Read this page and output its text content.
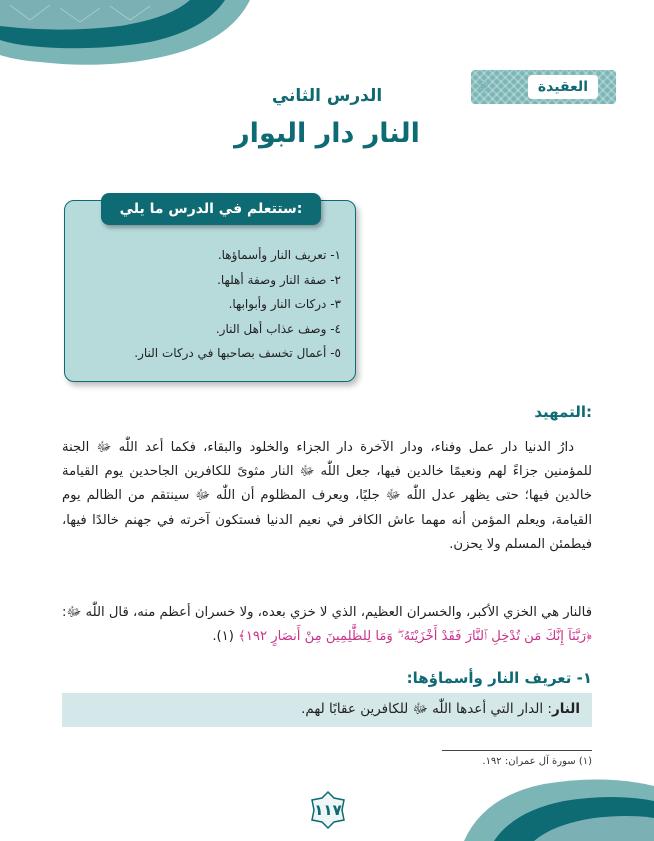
العقيدة
❀
الدرس الثاني
النار دار البوار
ستتعلم في الدرس ما يلي:
١- تعريف النار وأسماؤها.
٢- صفة النار وصفة أهلها.
٣- دركات النار وأبوابها.
٤- وصف عذاب أهل النار.
٥- أعمال تخسف بصاحبها في دركات النار.
التمهيد:
دارُ الدنيا دار عمل وفناء، ودار الآخرة دار الجزاء والخلود والبقاء، فكما أعد اللّٰه ﷻ الجنة للمؤمنين جزاءً لهم ونعيمًا خالدين فيها، جعل اللّٰه ﷻ النار مثوىً للكافرين الجاحدين يوم القيامة خالدين فيها؛ حتى يظهر عدل اللّٰه ﷻ جليًا، ويعرف المظلوم أن اللّٰه ﷻ سينتقم من الظالم يوم القيامة، ويعلم المؤمن أنه مهما عاش الكافر في نعيم الدنيا فستكون آخرته في جهنم خالدًا فيها، فيطمئن المسلم ولا يحزن.
فالنار هي الخزي الأكبر، والخسران العظيم، الذي لا خزي بعده، ولا خسران أعظم منه، قال اللّٰه ﷻ: ﴿رَبَّنَآ إِنَّكَ مَن تُدْخِلِ ٱلنَّارَ فَقَدْ أَخْزَيْتَهُۥ ۖ وَمَا لِلظَّٰلِمِينَ مِنْ أَنصَارٍ ١٩٢﴾ (١).
١- تعريف النار وأسماؤها:
النار: الدار التي أعدها اللّٰه ﷻ للكافرين عقابًا لهم.
(١) سورة آل عمران: ١٩٢.
١١٧
